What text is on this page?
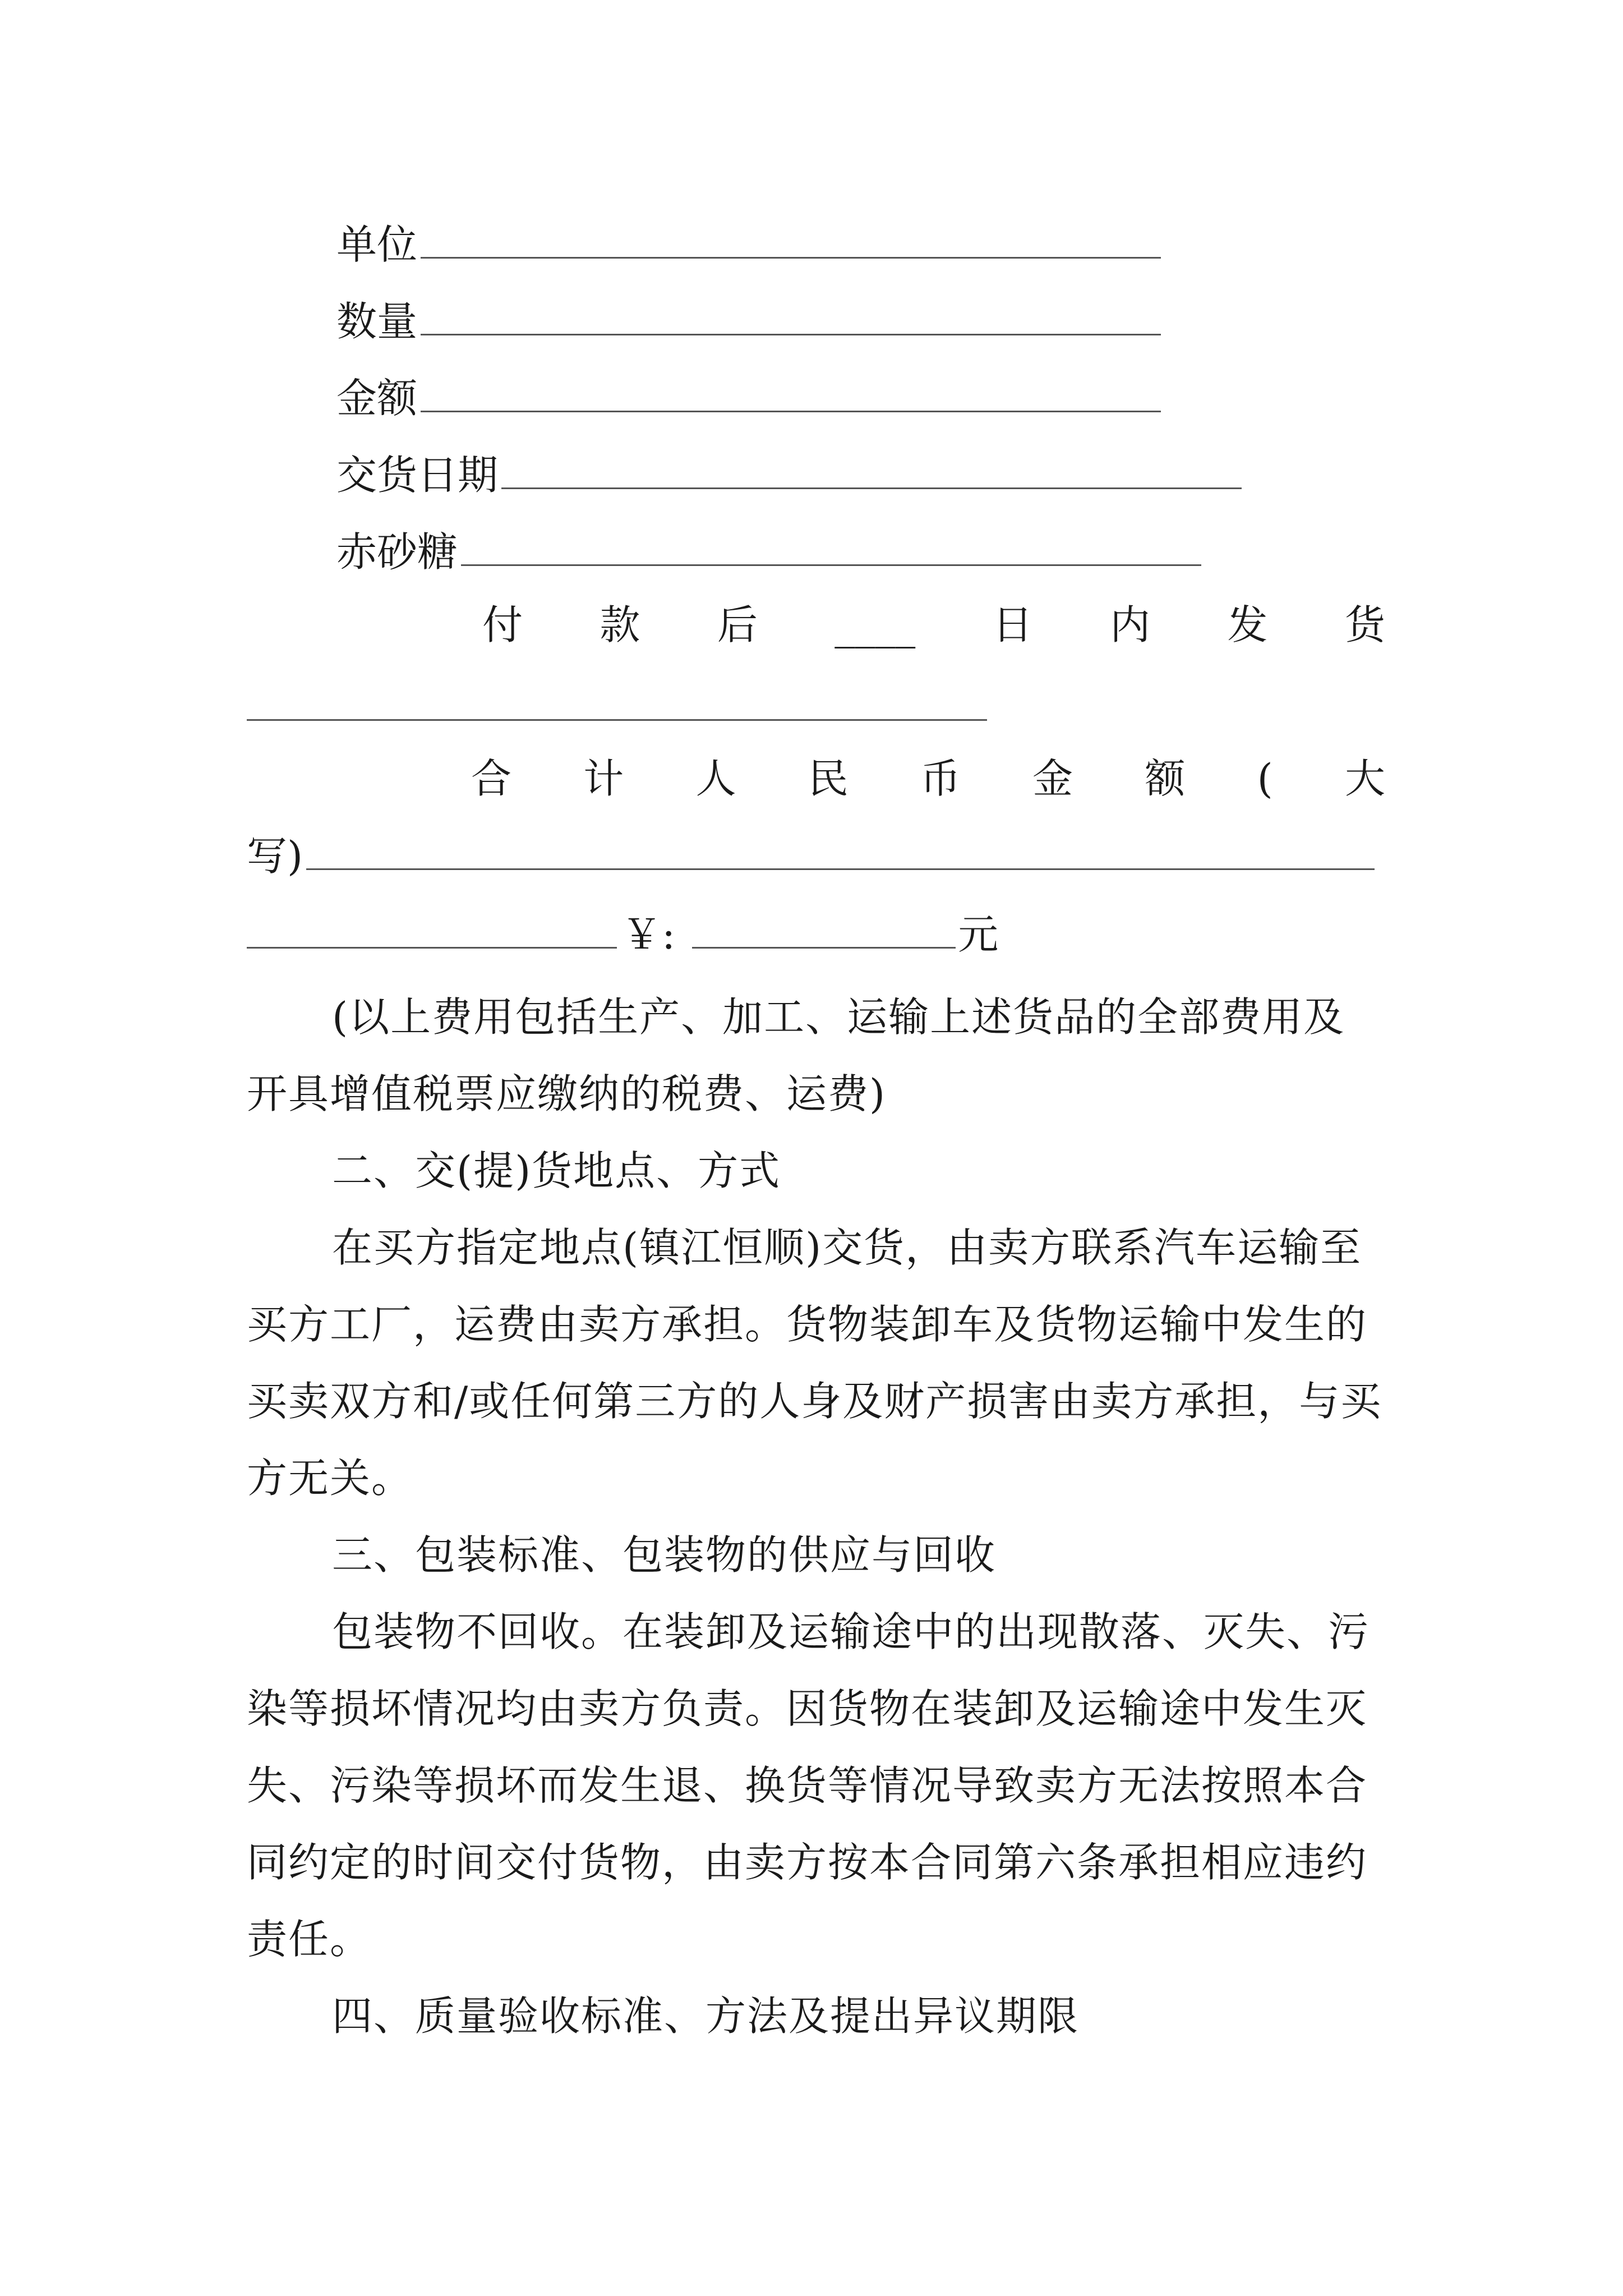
单位
数量
金额
交货日期
赤砂糖
付 款 后 ____ 日 内 发 货
合 计 人 民 币 金 额 ( 大
写)
￥:	元
(以上费用包括生产、加工、运输上述货品的全部费用及开具增值税票应缴纳的税费、运费)
二、交(提)货地点、方式
在买方指定地点(镇江恒顺)交货，由卖方联系汽车运输至买方工厂，运费由卖方承担。货物装卸车及货物运输中发生的买卖双方和/或任何第三方的人身及财产损害由卖方承担，与买方无关。
三、包装标准、包装物的供应与回收
包装物不回收。在装卸及运输途中的出现散落、灭失、污染等损坏情况均由卖方负责。因货物在装卸及运输途中发生灭失、污染等损坏而发生退、换货等情况导致卖方无法按照本合同约定的时间交付货物，由卖方按本合同第六条承担相应违约责任。
四、质量验收标准、方法及提出异议期限
